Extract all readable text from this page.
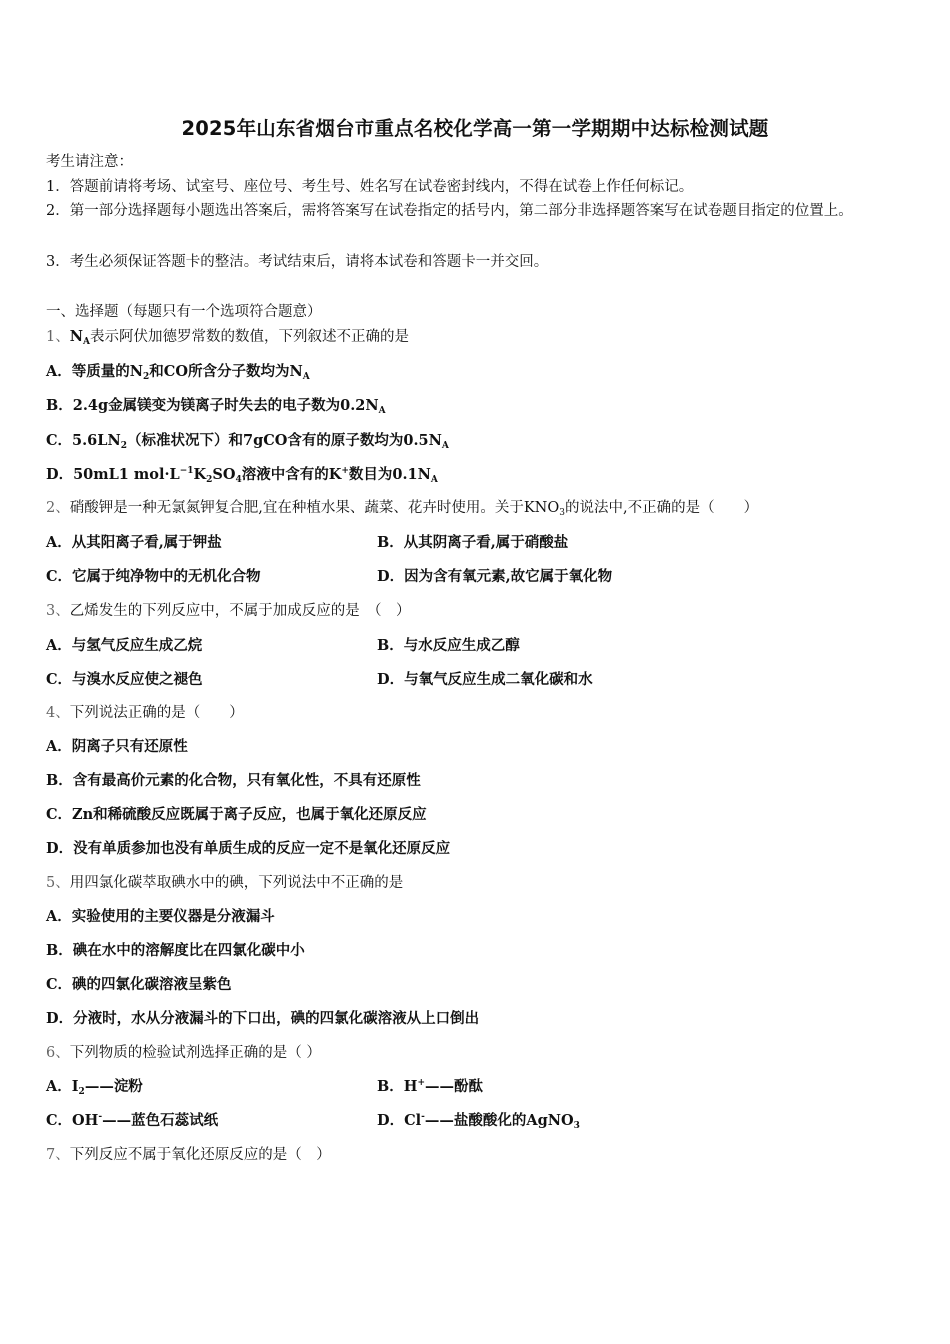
2025年山东省烟台市重点名校化学高一第一学期期中达标检测试题
考生请注意：
1．答题前请将考场、试室号、座位号、考生号、姓名写在试卷密封线内，不得在试卷上作任何标记。
2．第一部分选择题每小题选出答案后，需将答案写在试卷指定的括号内，第二部分非选择题答案写在试卷题目指定的位置上。
3．考生必须保证答题卡的整洁。考试结束后，请将本试卷和答题卡一并交回。
一、选择题（每题只有一个选项符合题意）
1、$N_A$表示阿伏加德罗常数的数值，下列叙述不正确的是
A．等质量的$N_2$和CO所含分子数均为$N_A$
B．2.4g金属镁变为镁离子时失去的电子数为$0.2N_A$
C．$5.6LN_2$（标准状况下）和7gCO含有的原子数均为$0.5N_A$
D．50mL1 $mol\cdot L^{-1}K_2SO_4$溶液中含有的K+数目为$0.1N_A$
2、硝酸钾是一种无氯氮钾复合肥,宜在种植水果、蔬菜、花卉时使用。关于$KNO_3$的说法中,不正确的是（　　）
A．从其阳离子看,属于钾盐	B．从其阴离子看,属于硝酸盐
C．它属于纯净物中的无机化合物	D．因为含有氧元素,故它属于氧化物
3、乙烯发生的下列反应中，不属于加成反应的是　（　）
A．与氢气反应生成乙烷	B．与水反应生成乙醇
C．与溴水反应使之褪色	D．与氧气反应生成二氧化碳和水
4、下列说法正确的是（　　）
A．阴离子只有还原性
B．含有最高价元素的化合物，只有氧化性，不具有还原性
C．Zn和稀硫酸反应既属于离子反应，也属于氧化还原反应
D．没有单质参加也没有单质生成的反应一定不是氧化还原反应
5、用四氯化碳萃取碘水中的碘，下列说法中不正确的是
A．实验使用的主要仪器是分液漏斗
B．碘在水中的溶解度比在四氯化碳中小
C．碘的四氯化碳溶液呈紫色
D．分液时，水从分液漏斗的下口出，碘的四氯化碳溶液从上口倒出
6、下列物质的检验试剂选择正确的是（ ）
A．$I_2——$淀粉	B．H+——酚酞
C．OH-——蓝色石蕊试纸	D．Cl-——盐酸酸化的AgNO$_3$
7、下列反应不属于氧化还原反应的是（　）
